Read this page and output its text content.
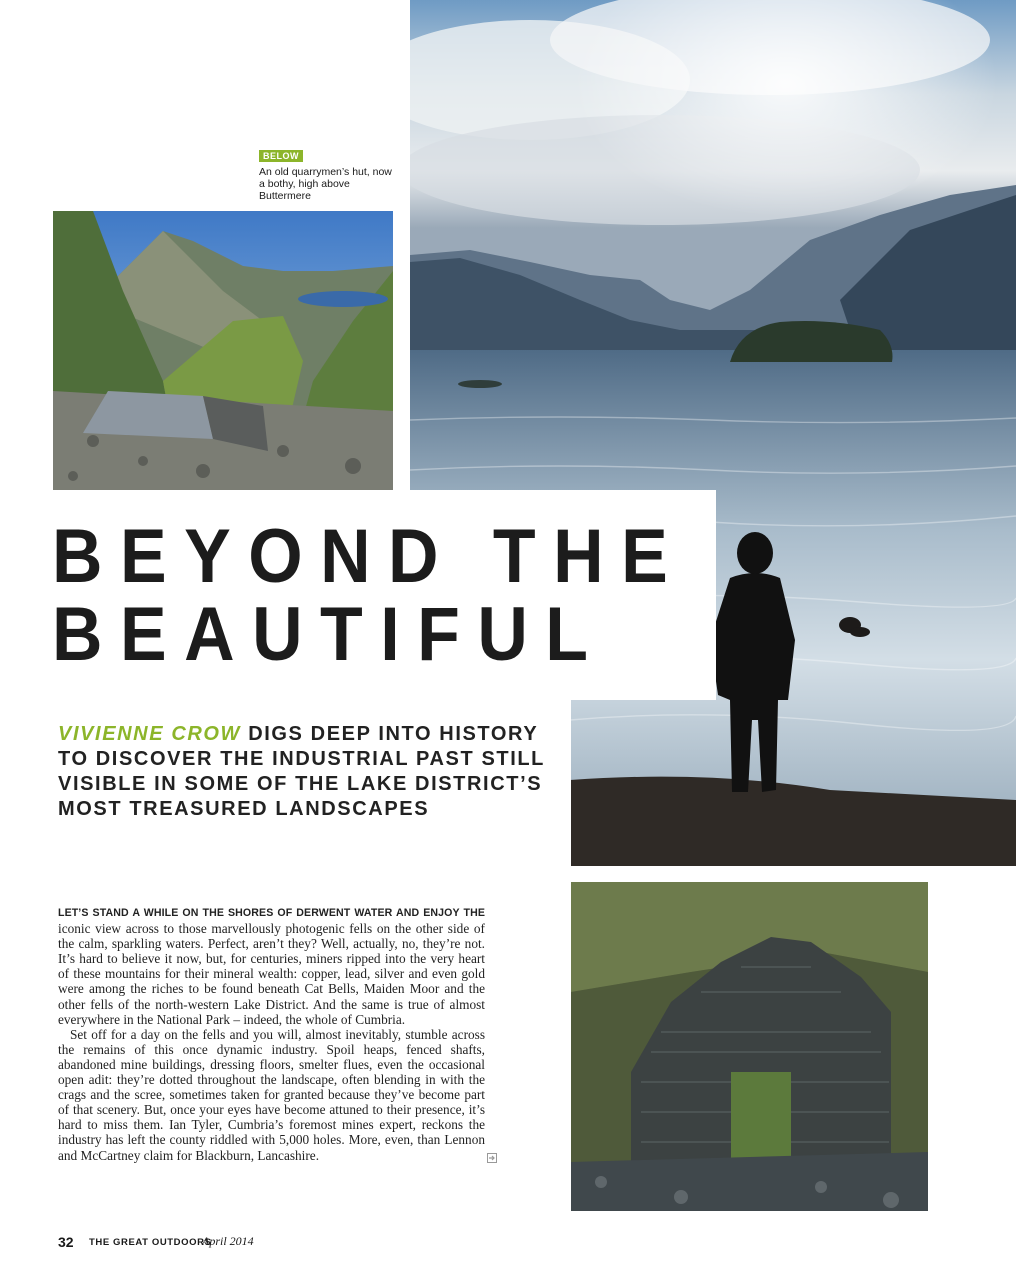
BELOW
An old quarrymen’s hut, now a bothy, high above Buttermere
BEYOND THE
BEAUTIFUL

VIVIENNE CROW DIGS DEEP INTO HISTORY TO DISCOVER THE INDUSTRIAL PAST STILL VISIBLE IN SOME OF THE LAKE DISTRICT’S MOST TREASURED LANDSCAPES

LET’S STAND A WHILE ON THE SHORES OF DERWENT WATER AND ENJOY THE iconic view across to those marvellously photogenic fells on the other side of the calm, sparkling waters. Perfect, aren’t they? Well, actually, no, they’re not. It’s hard to believe it now, but, for centuries, miners ripped into the very heart of these mountains for their mineral wealth: copper, lead, silver and even gold were among the riches to be found beneath Cat Bells, Maiden Moor and the other fells of the north-western Lake District. And the same is true of almost everywhere in the National Park – indeed, the whole of Cumbria.

Set off for a day on the fells and you will, almost inevitably, stumble across the remains of this once dynamic industry. Spoil heaps, fenced shafts, abandoned mine buildings, dressing floors, smelter flues, even the occasional open adit: they’re dotted throughout the landscape, often blending in with the crags and the scree, sometimes taken for granted because they’ve become part of that scenery. But, once your eyes have become attuned to their presence, it’s hard to miss them. Ian Tyler, Cumbria’s foremost mines expert, reckons the industry has left the county riddled with 5,000 holes. More, even, than Lennon and McCartney claim for Blackburn, Lancashire.

32 THE GREAT OUTDOORS
April 2014
